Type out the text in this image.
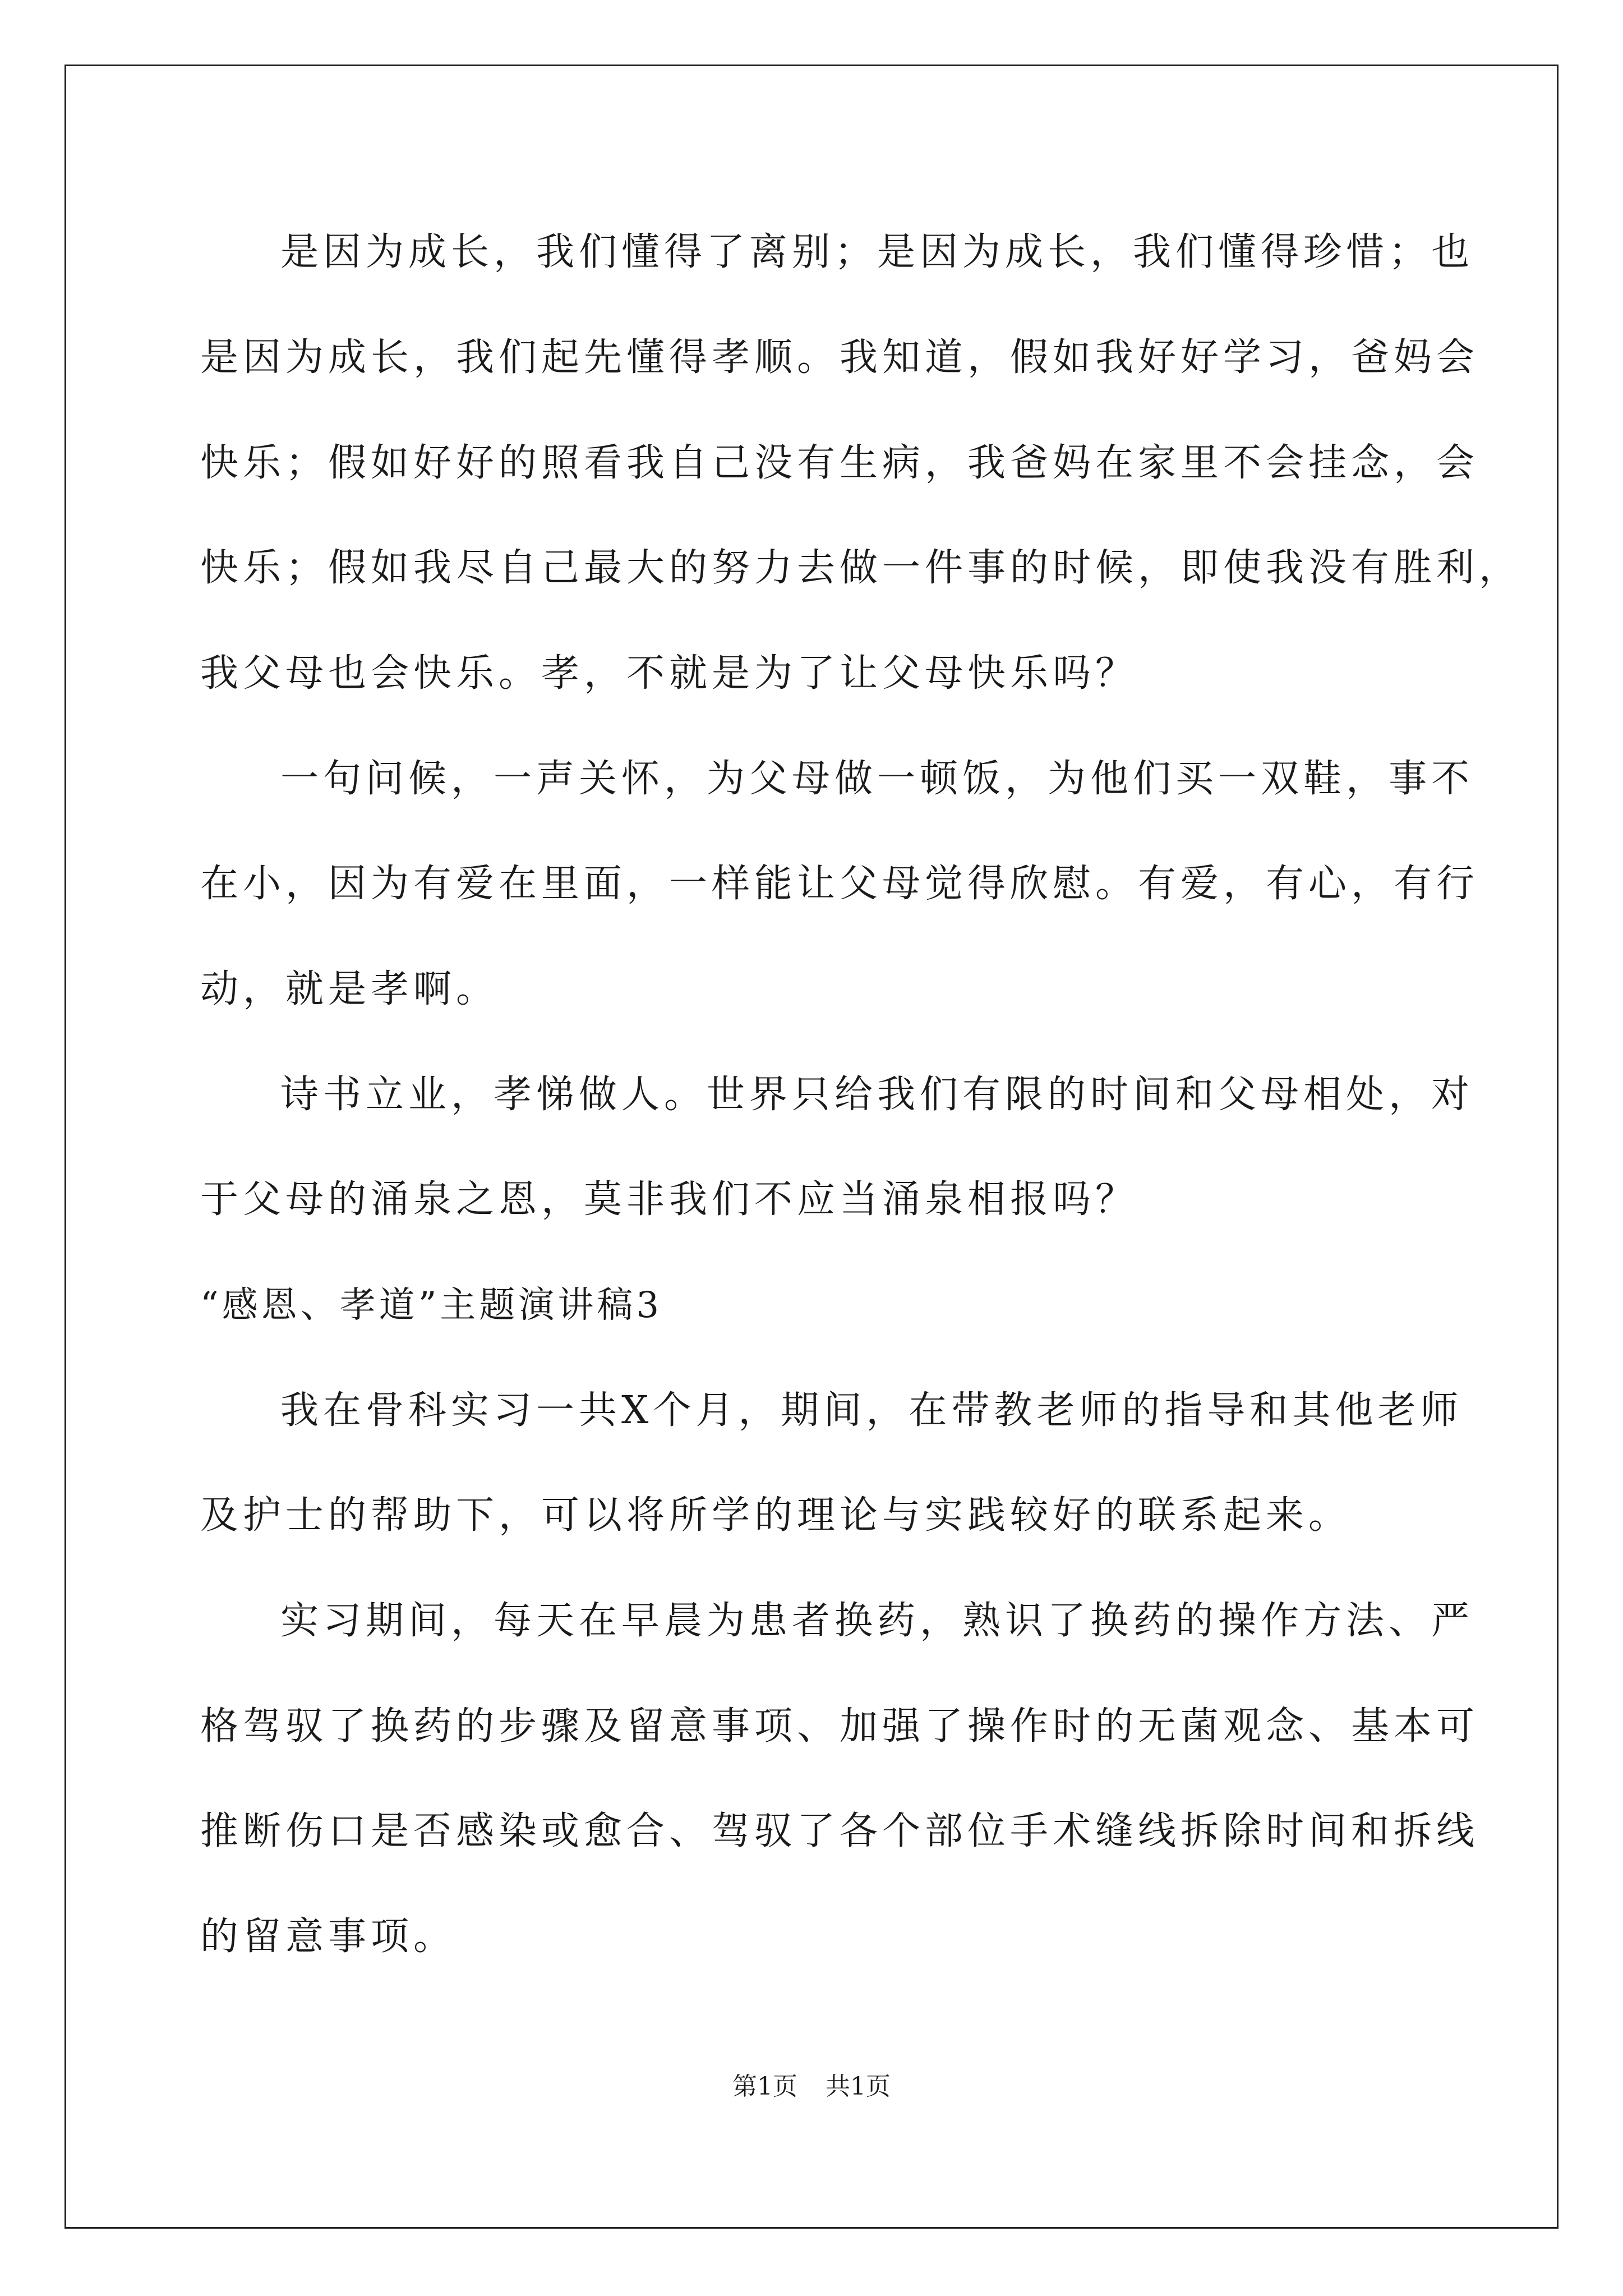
是因为成长，我们懂得了离别；是因为成长，我们懂得珍惜；也
是因为成长，我们起先懂得孝顺。我知道，假如我好好学习，爸妈会
快乐；假如好好的照看我自己没有生病，我爸妈在家里不会挂念，会
快乐；假如我尽自己最大的努力去做一件事的时候，即使我没有胜利，
我父母也会快乐。孝，不就是为了让父母快乐吗？
一句问候，一声关怀，为父母做一顿饭，为他们买一双鞋，事不
在小，因为有爱在里面，一样能让父母觉得欣慰。有爱，有心，有行
动，就是孝啊。
诗书立业，孝悌做人。世界只给我们有限的时间和父母相处，对
于父母的涌泉之恩，莫非我们不应当涌泉相报吗？
“感恩、孝道”主题演讲稿3
我在骨科实习一共X个月，期间，在带教老师的指导和其他老师
及护士的帮助下，可以将所学的理论与实践较好的联系起来。
实习期间，每天在早晨为患者换药，熟识了换药的操作方法、严
格驾驭了换药的步骤及留意事项、加强了操作时的无菌观念、基本可
推断伤口是否感染或愈合、驾驭了各个部位手术缝线拆除时间和拆线
的留意事项。
第1页 共1页
